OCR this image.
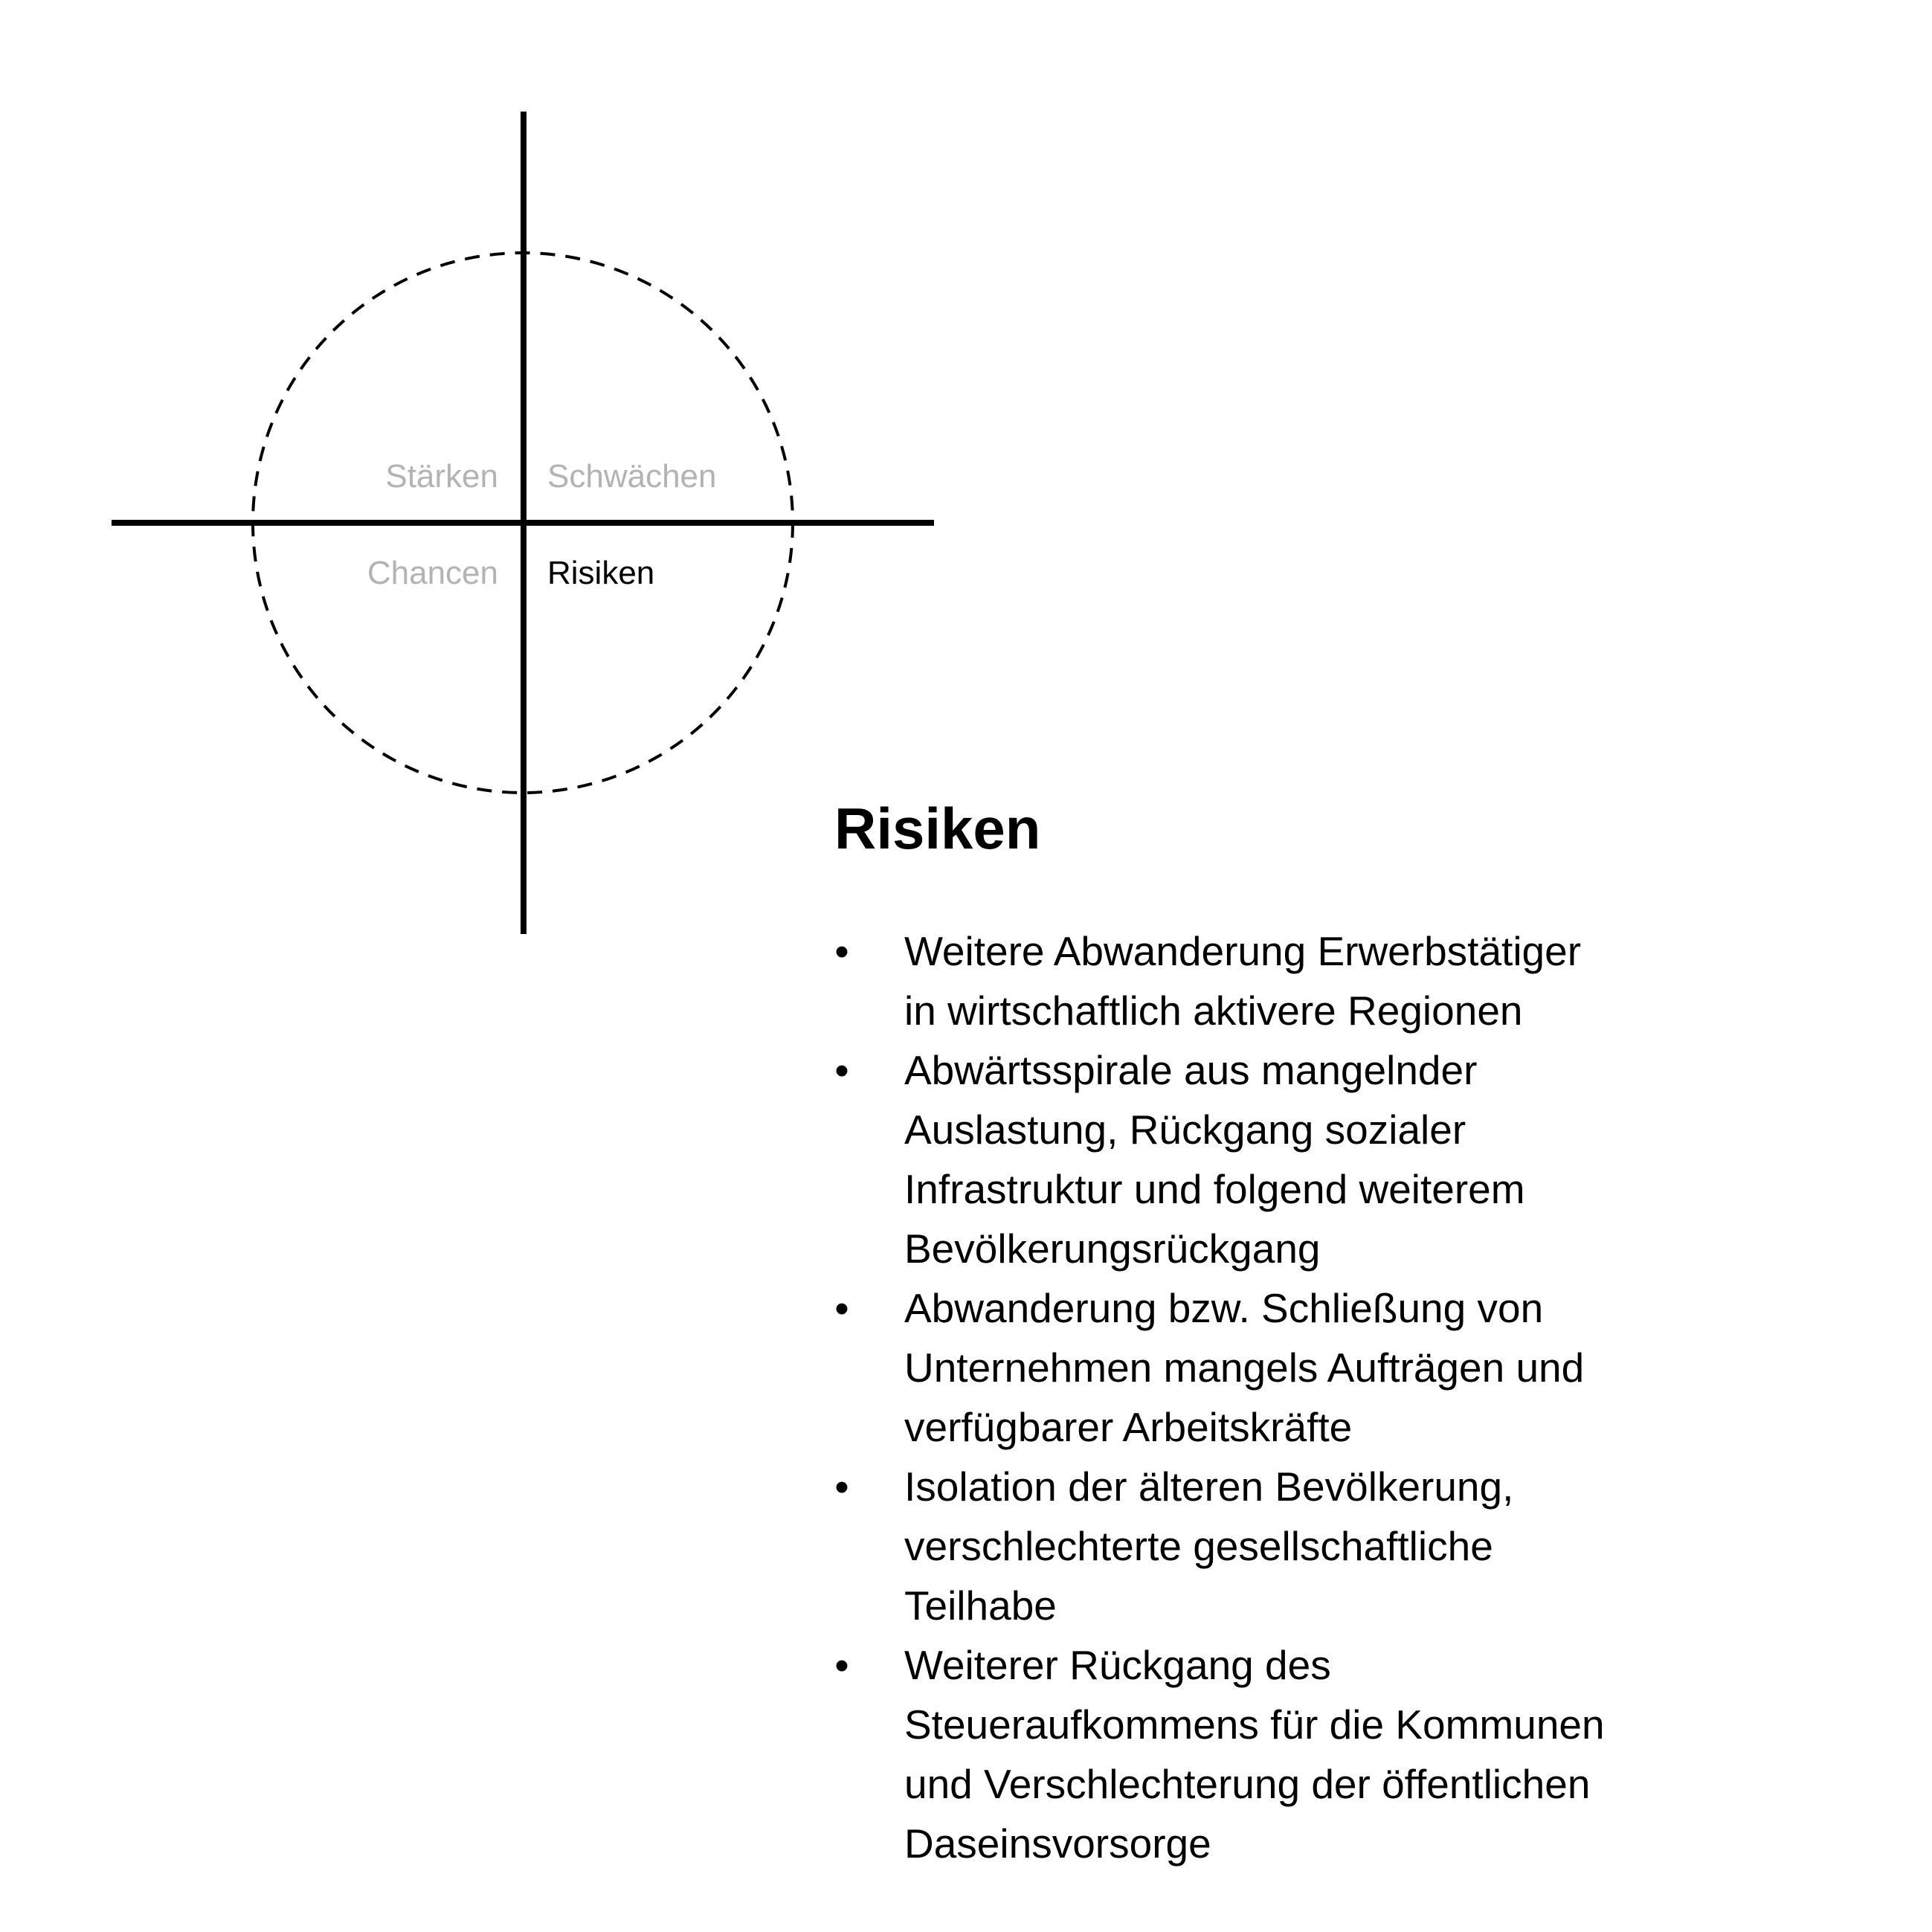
Stärken Schwächen
Chancen Risiken
Risiken
• Weitere Abwanderung Erwerbstätiger
in wirtschaftlich aktivere Regionen
• Abwärtsspirale aus mangelnder
Auslastung, Rückgang sozialer
Infrastruktur und folgend weiterem
Bevölkerungsrückgang
• Abwanderung bzw. Schließung von
Unternehmen mangels Aufträgen und
verfügbarer Arbeitskräfte
• Isolation der älteren Bevölkerung,
verschlechterte gesellschaftliche
Teilhabe
• Weiterer Rückgang des
Steueraufkommens für die Kommunen
und Verschlechterung der öffentlichen
Daseinsvorsorge
